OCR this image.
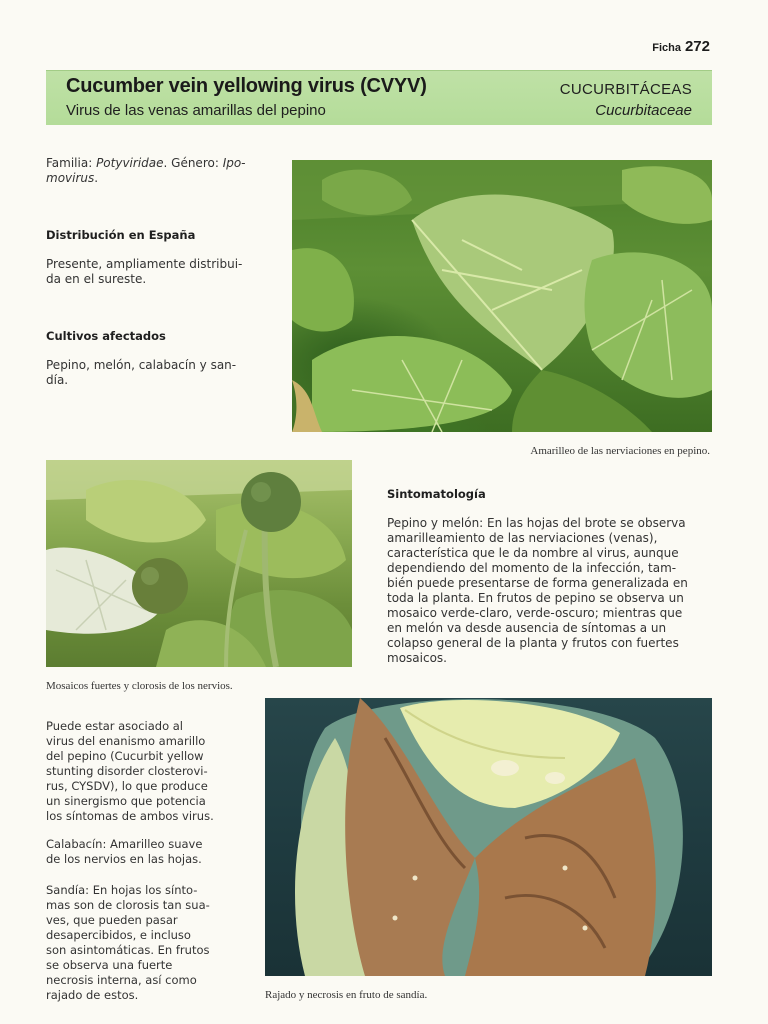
Ficha 272
Cucumber vein yellowing virus (CVYV)
Virus de las venas amarillas del pepino
CUCURBITÁCEAS
Cucurbitaceae
Familia: Potyviridae. Género: Ipo-
movirus.
Distribución en España
Presente, ampliamente distribui-
da en el sureste.
Cultivos afectados
Pepino, melón, calabacín y san-
día.
Amarilleo de las nerviaciones en pepino.
Mosaicos fuertes y clorosis de los nervios.
Sintomatología
Pepino y melón: En las hojas del brote se observa
amarilleamiento de las nerviaciones (venas),
característica que le da nombre al virus, aunque
dependiendo del momento de la infección, tam-
bién puede presentarse de forma generalizada en
toda la planta. En frutos de pepino se observa un
mosaico verde-claro, verde-oscuro; mientras que
en melón va desde ausencia de síntomas a un
colapso general de la planta y frutos con fuertes
mosaicos.
Puede estar asociado al
virus del enanismo amarillo
del pepino (Cucurbit yellow
stunting disorder closterovi-
rus, CYSDV), lo que produce
un sinergismo que potencia
los síntomas de ambos virus.
Calabacín: Amarilleo suave
de los nervios en las hojas.
Sandía: En hojas los sínto-
mas son de clorosis tan sua-
ves, que pueden pasar
desapercibidos, e incluso
son asintomáticas. En frutos
se observa una fuerte
necrosis interna, así como
rajado de estos.	Rajado y necrosis en fruto de sandía.
